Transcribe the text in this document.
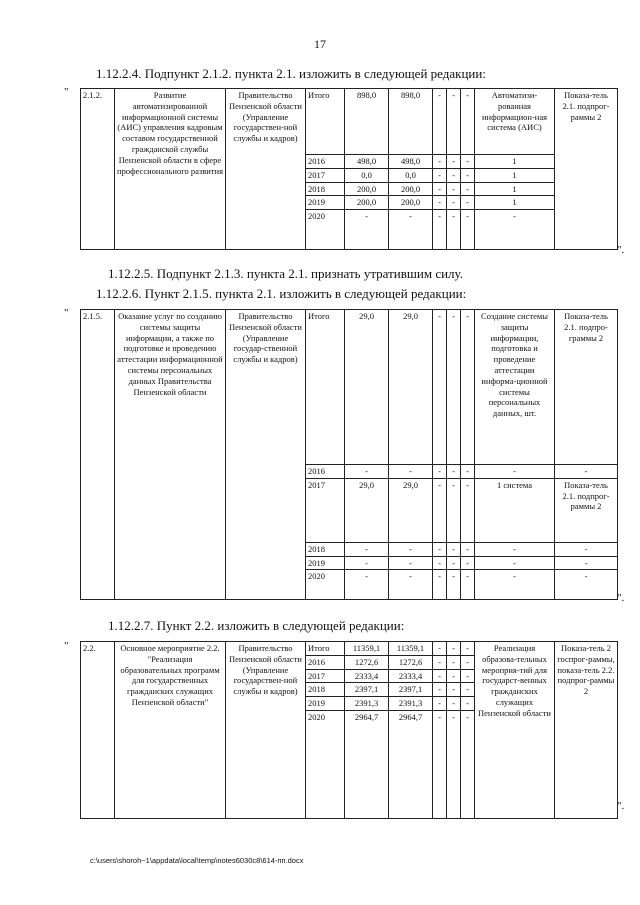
17
1.12.2.4. Подпункт 2.1.2. пункта 2.1. изложить в следующей редакции:
"
".
2.1.2.	Развитие автоматизированной информационной системы (АИС) управления кадровым составом государственной гражданской службы Пензенской области в сфере профессионального развития	Правительство Пензенской области (Управление государствен-ной службы и кадров)	Итого	898,0	898,0	-	-	-	Автоматизи-рованная информацион-ная система (АИС)	Показа-тель 2.1. подпрог-раммы 2
			2016	498,0	498,0	-	-	-	1	
			2017	0,0	0,0	-	-	-	1	
			2018	200,0	200,0	-	-	-	1	
			2019	200,0	200,0	-	-	-	1	
			2020	-	-	-	-	-	-	
1.12.2.5. Подпункт 2.1.3. пункта 2.1. признать утратившим силу.
1.12.2.6. Пункт 2.1.5. пункта 2.1. изложить в следующей редакции:
"
".
2.1.5.	Оказание услуг по созданию системы защиты информации, а также по подготовке и проведению аттестации информационной системы персональных данных Правительства Пензенской области	Правительство Пензенской области (Управление государ-ственной службы и кадров)	Итого	29,0	29,0	-	-	-	Создание системы защиты информации, подготовка и проведение аттестации информа-ционной системы персональных данных, шт.	Показа-тель 2.1. подпро-граммы 2
			2016	-	-	-	-	-	-	-
			2017	29,0	29,0	-	-	-	1 система	Показа-тель 2.1. подпрог-раммы 2
			2018	-	-	-	-	-	-	-
			2019	-	-	-	-	-	-	-
			2020	-	-	-	-	-	-	-
1.12.2.7. Пункт 2.2. изложить в следующей редакции:
"
".
2.2.	Основное мероприятие 2.2. "Реализация образовательных программ для государственных гражданских служащих Пензенской области"	Правительство Пензенской области (Управление государствен-ной службы и кадров)	Итого	11359,1	11359,1	-	-	-	Реализация образова-тельных мероприя-тий для государст-венных гражданских служащих Пензенской области	Показа-тель 2 госпрог-раммы, показа-тель 2.2. подпрог-раммы 2
			2016	1272,6	1272,6	-	-	-		
			2017	2333,4	2333,4	-	-	-		
			2018	2397,1	2397,1	-	-	-		
			2019	2391,3	2391,3	-	-	-		
			2020	2964,7	2964,7	-	-	-		
c:\users\shoroh~1\appdata\local\temp\notes6030c8\614-пп.docx
